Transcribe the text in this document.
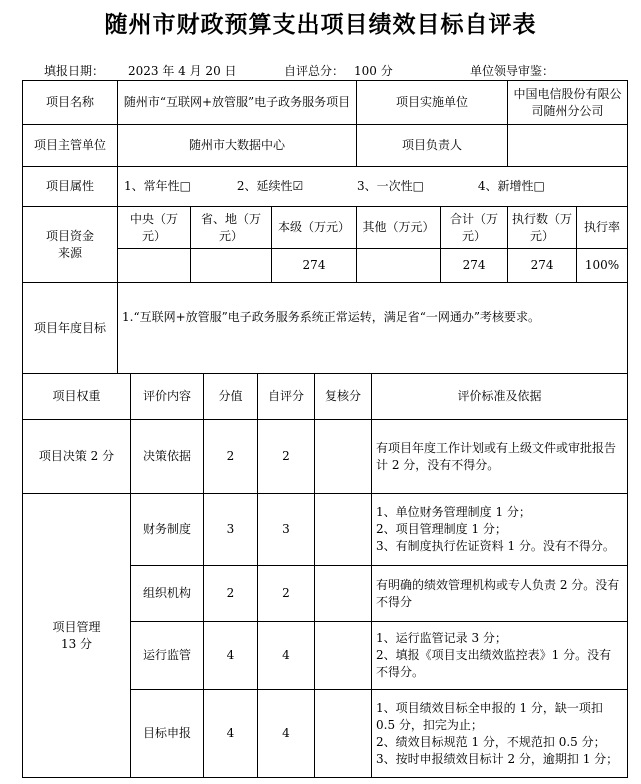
随州市财政预算支出项目绩效目标自评表
填报日期： 2023 年 4 月 20 日	自评总分： 100 分	单位领导审鉴：
项目名称	随州市“互联网+放管服”电子政务服务项目			项目实施单位		中国电信股份有限公司随州分公司	
项目主管单位	随州市大数据中心			项目负责人			
项目属性	1、常年性□ 2、延续性☑ 3、一次性□ 4、新增性□						

项目资金
来源	中央（万元）	省、地（万元）	本级（万元）	其他（万元）	合计（万元）	执行数（万元）	执行率
			274		274	274	100%
项目年度目标	1.“互联网+放管服”电子政务服务系统正常运转，满足省“一网通办”考核要求。						
项目权重	评价内容	分值	自评分	复核分	评价标准及依据
项目决策 2 分	决策依据	2	2		有项目年度工作计划或有上级文件或审批报告计 2 分，没有不得分。

项目管理
13 分	财务制度	3	3		1、单位财务管理制度 1 分；
2、项目管理制度 1 分；
3、有制度执行佐证资料 1 分。没有不得分。

	组织机构	2	2		有明确的绩效管理机构或专人负责 2 分。没有不得分
	运行监管	4	4		1、运行监管记录 3 分；
2、填报《项目支出绩效监控表》1 分。没有不得分。
	目标申报	4	4		1、项目绩效目标全申报的 1 分，缺一项扣 0.5 分，扣完为止；
2、绩效目标规范 1 分，不规范扣 0.5 分；
3、按时申报绩效目标计 2 分，逾期扣 1 分；
